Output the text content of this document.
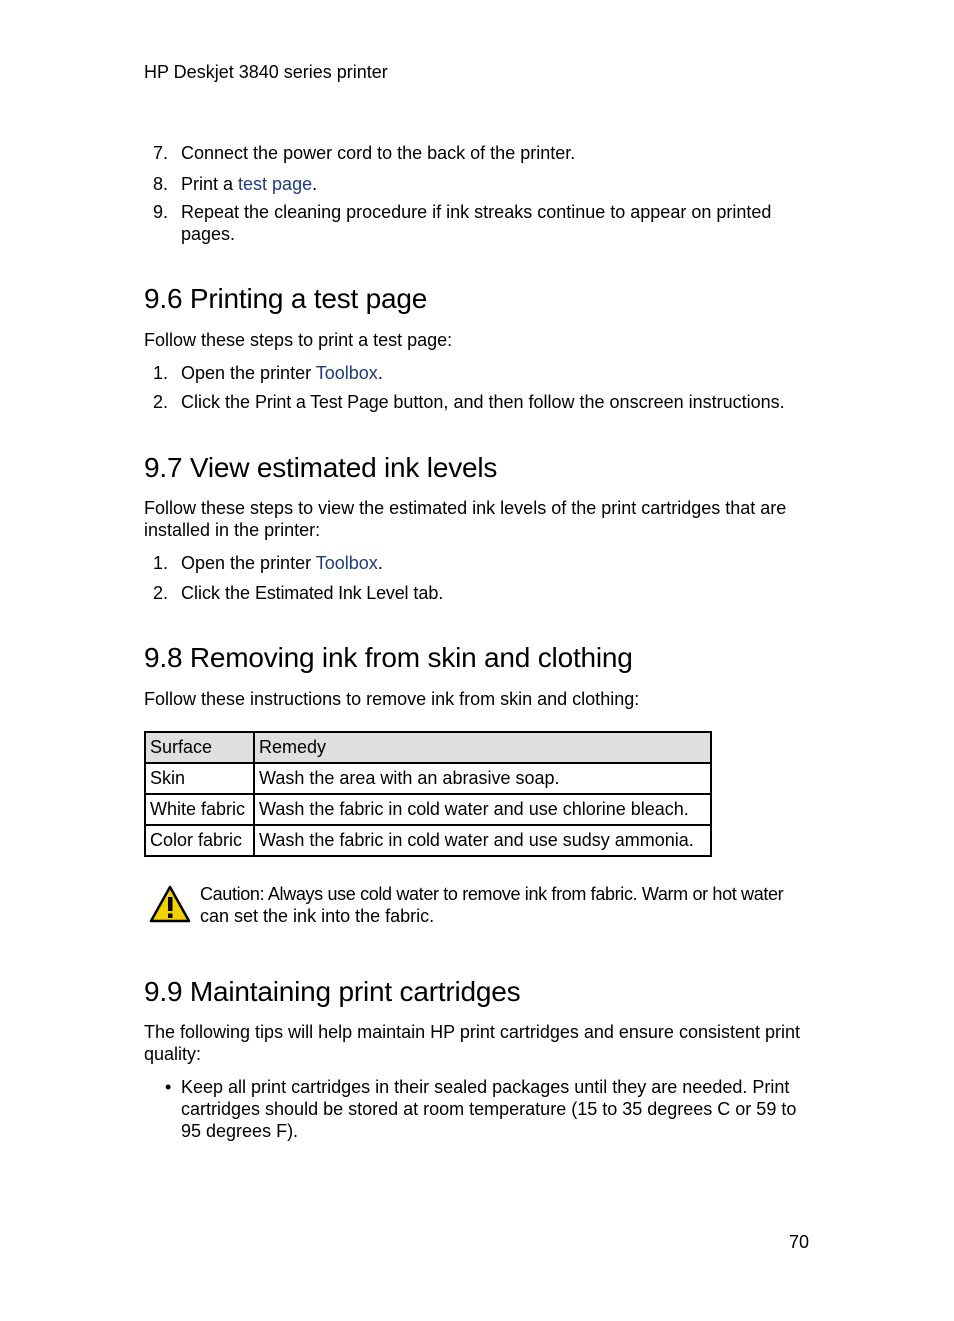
HP Deskjet 3840 series printer
7. Connect the power cord to the back of the printer.
8. Print a test page.
9. Repeat the cleaning procedure if ink streaks continue to appear on printed
pages.
9.6 Printing a test page
Follow these steps to print a test page:
1. Open the printer Toolbox.
2. Click the Print a Test Page button, and then follow the onscreen instructions.
9.7 View estimated ink levels
Follow these steps to view the estimated ink levels of the print cartridges that are
installed in the printer:
1. Open the printer Toolbox.
2. Click the Estimated Ink Level tab.
9.8 Removing ink from skin and clothing
Follow these instructions to remove ink from skin and clothing:
Surface	Remedy
Skin	Wash the area with an abrasive soap.
White fabric	Wash the fabric in cold water and use chlorine bleach.
Color fabric	Wash the fabric in cold water and use sudsy ammonia.
Caution: Always use cold water to remove ink from fabric. Warm or hot water
can set the ink into the fabric.
9.9 Maintaining print cartridges
The following tips will help maintain HP print cartridges and ensure consistent print
quality:
• Keep all print cartridges in their sealed packages until they are needed. Print
cartridges should be stored at room temperature (15 to 35 degrees C or 59 to
95 degrees F).
70
